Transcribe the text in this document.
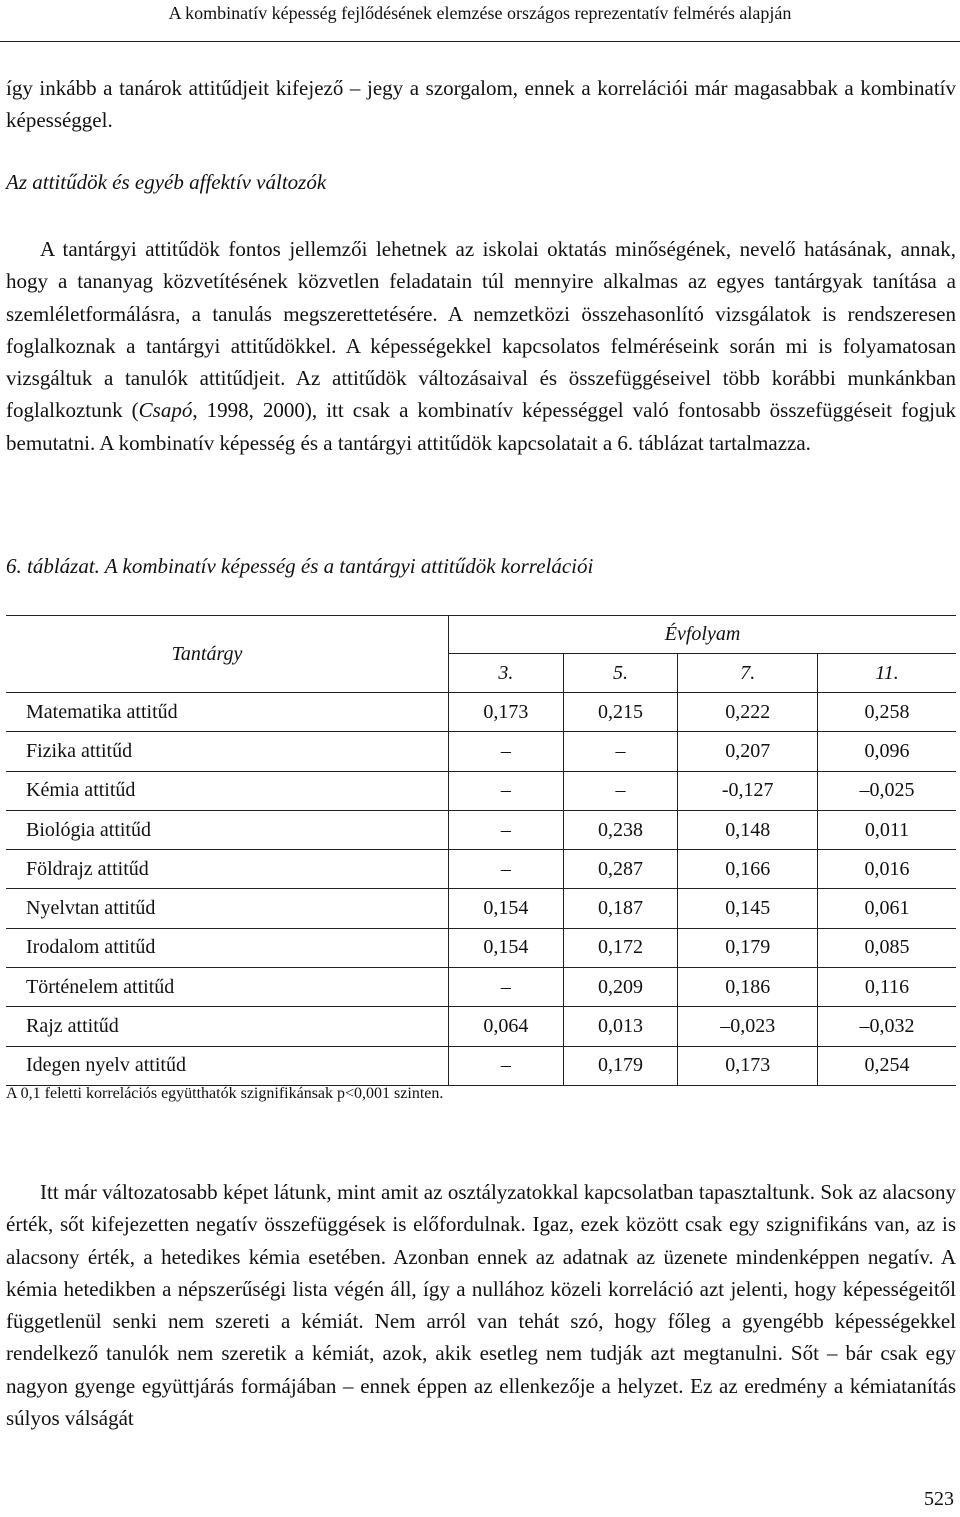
A kombinatív képesség fejlődésének elemzése országos reprezentatív felmérés alapján

így inkább a tanárok attitűdjeit kifejező – jegy a szorgalom, ennek a korrelációi már magasabbak a kombinatív képességgel.

Az attitűdök és egyéb affektív változók

A tantárgyi attitűdök fontos jellemzői lehetnek az iskolai oktatás minőségének, nevelő hatásának, annak, hogy a tananyag közvetítésének közvetlen feladatain túl mennyire alkalmas az egyes tantárgyak tanítása a szemléletformálásra, a tanulás megszerettetésére. A nemzetközi összehasonlító vizsgálatok is rendszeresen foglalkoznak a tantárgyi attitűdökkel. A képességekkel kapcsolatos felméréseink során mi is folyamatosan vizsgáltuk a tanulók attitűdjeit. Az attitűdök változásaival és összefüggéseivel több korábbi munkánkban foglalkoztunk (Csapó, 1998, 2000), itt csak a kombinatív képességgel való fontosabb összefüggéseit fogjuk bemutatni. A kombinatív képesség és a tantárgyi attitűdök kapcsolatait a 6. táblázat tartalmazza.

6. táblázat. A kombinatív képesség és a tantárgyi attitűdök korrelációi
Tantárgy	Évfolyam			
	3.	5.	7.	11.
Matematika attitűd	0,173	0,215	0,222	0,258
Fizika attitűd	–	–	0,207	0,096
Kémia attitűd	–	–	-0,127	–0,025
Biológia attitűd	–	0,238	0,148	0,011
Földrajz attitűd	–	0,287	0,166	0,016
Nyelvtan attitűd	0,154	0,187	0,145	0,061
Irodalom attitűd	0,154	0,172	0,179	0,085
Történelem attitűd	–	0,209	0,186	0,116
Rajz attitűd	0,064	0,013	–0,023	–0,032
Idegen nyelv attitűd	–	0,179	0,173	0,254
A 0,1 feletti korrelációs együtthatók szignifikánsak p<0,001 szinten.

Itt már változatosabb képet látunk, mint amit az osztályzatokkal kapcsolatban tapasztaltunk. Sok az alacsony érték, sőt kifejezetten negatív összefüggések is előfordulnak. Igaz, ezek között csak egy szignifikáns van, az is alacsony érték, a hetedikes kémia esetében. Azonban ennek az adatnak az üzenete mindenképpen negatív. A kémia hetedikben a népszerűségi lista végén áll, így a nullához közeli korreláció azt jelenti, hogy képességeitől függetlenül senki nem szereti a kémiát. Nem arról van tehát szó, hogy főleg a gyengébb képességekkel rendelkező tanulók nem szeretik a kémiát, azok, akik esetleg nem tudják azt megtanulni. Sőt – bár csak egy nagyon gyenge együttjárás formájában – ennek éppen az ellenkezője a helyzet. Ez az eredmény a kémiatanítás súlyos válságát

523
